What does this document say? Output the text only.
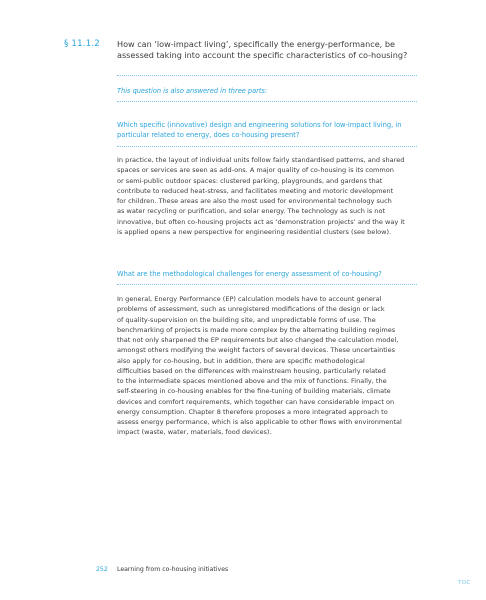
§ 11.1.2 How can ‘low-impact living’, specifically the energy-performance, be assessed taking into account the specific characteristics of co-housing?
This question is also answered in three parts:
Which specific (innovative) design and engineering solutions for low-impact living, in particular related to energy, does co-housing present?
In practice, the layout of individual units follow fairly standardised patterns, and shared
spaces or services are seen as add-ons. A major quality of co-housing is its common
or semi-public outdoor spaces: clustered parking, playgrounds, and gardens that
contribute to reduced heat-stress, and facilitates meeting and motoric development
for children. These areas are also the most used for environmental technology such
as water recycling or purification, and solar energy. The technology as such is not
innovative, but often co-housing projects act as ‘demonstration projects’ and the way it
is applied opens a new perspective for engineering residential clusters (see below).
What are the methodological challenges for energy assessment of co-housing?
In general, Energy Performance (EP) calculation models have to account general
problems of assessment, such as unregistered modifications of the design or lack
of quality-supervision on the building site, and unpredictable forms of use. The
benchmarking of projects is made more complex by the alternating building regimes
that not only sharpened the EP requirements but also changed the calculation model,
amongst others modifying the weight factors of several devices. These uncertainties
also apply for co-housing, but in addition, there are specific methodological
difficulties based on the differences with mainstream housing, particularly related
to the intermediate spaces mentioned above and the mix of functions. Finally, the
self-steering in co-housing enables for the fine-tuning of building materials, climate
devices and comfort requirements, which together can have considerable impact on
energy consumption. Chapter 8 therefore proposes a more integrated approach to
assess energy performance, which is also applicable to other flows with environmental
impact (waste, water, materials, food devices).
252 Learning from co-housing initiatives
TOC
